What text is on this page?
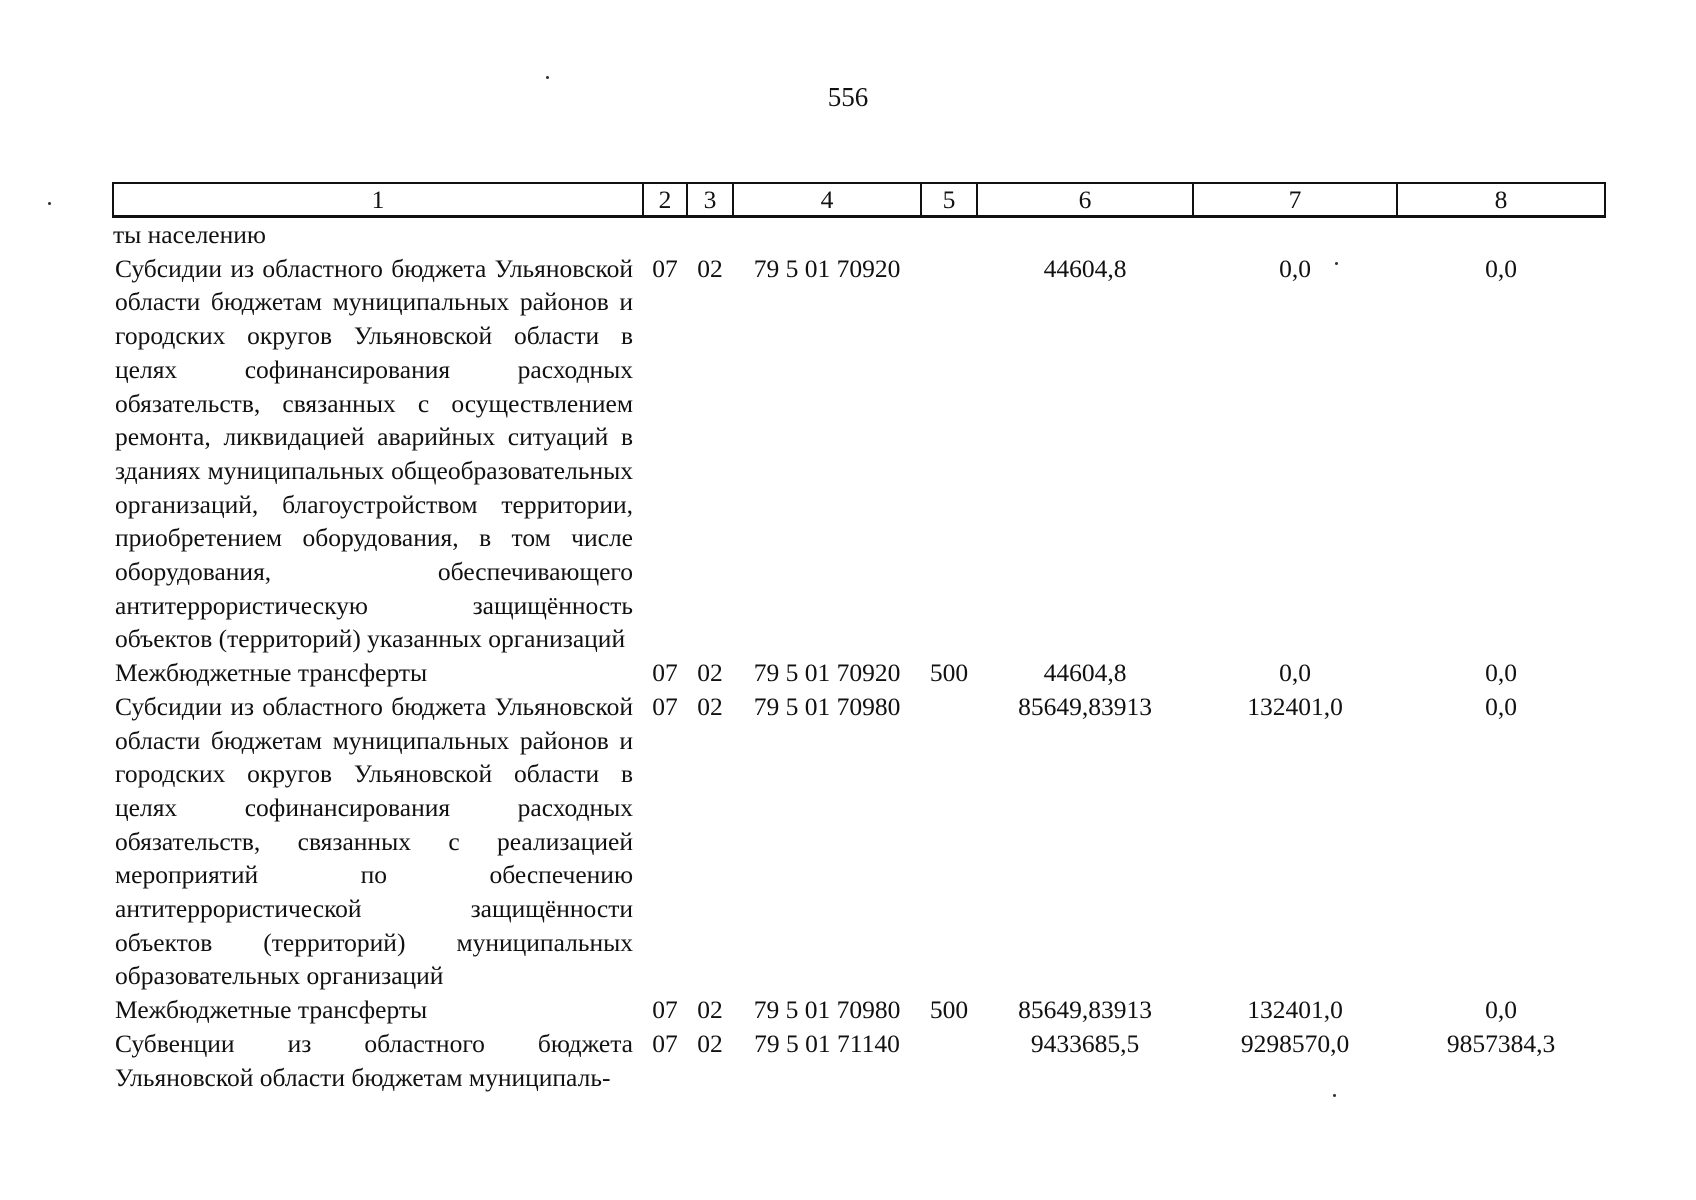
556
1	2	3	4	5	6	7	8
ты населению							
Субсидии из областного бюджета Ульяновской области бюджетам муниципальных районов и городских округов Ульяновской области в целях софинансирования расходных обязательств, связанных с осуществлением ремонта, ликвидацией аварийных ситуаций в зданиях муниципальных общеобразовательных организаций, благоустройством территории, приобретением оборудования, в том числе оборудования, обеспечивающего антитеррористическую защищённость объектов (территорий) указанных организаций	07	02	79 5 01 70920		44604,8	0,0	0,0
Межбюджетные трансферты	07	02	79 5 01 70920	500	44604,8	0,0	0,0
Субсидии из областного бюджета Ульяновской области бюджетам муниципальных районов и городских округов Ульяновской области в целях софинансирования расходных обязательств, связанных с реализацией мероприятий по обеспечению антитеррористической защищённости объектов (территорий) муниципальных образовательных организаций	07	02	79 5 01 70980		85649,83913	132401,0	0,0
Межбюджетные трансферты	07	02	79 5 01 70980	500	85649,83913	132401,0	0,0
Субвенции из областного бюджета Ульяновской области бюджетам муниципаль-	07	02	79 5 01 71140		9433685,5	9298570,0	9857384,3
